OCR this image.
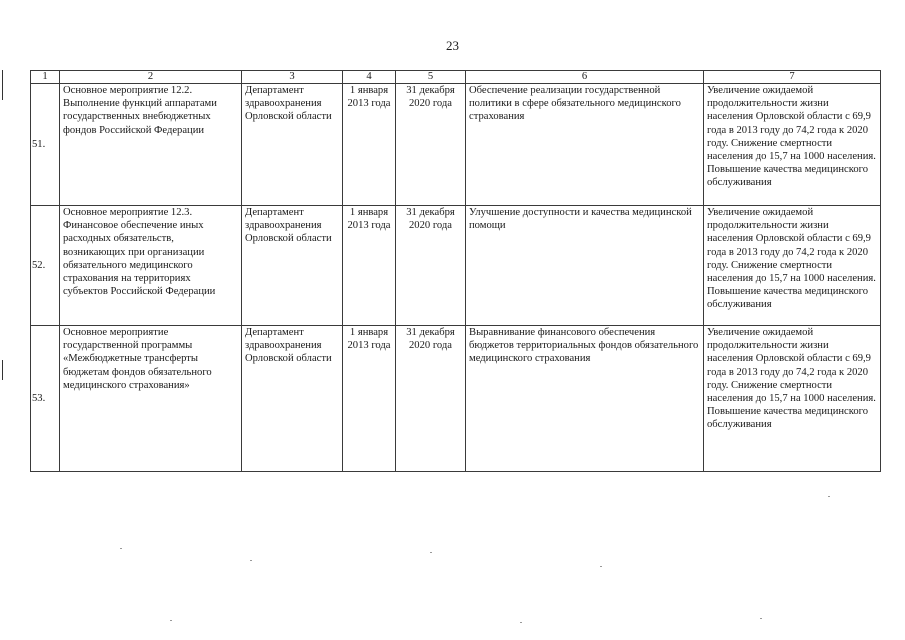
23
1	2	3	4	5	6	7
51.	Основное мероприятие 12.2. Выполнение функций аппаратами государственных внебюджетных фондов Российской Федерации	Департамент здравоохранения Орловской области	1 января 2013 года	31 декабря 2020 года	Обеспечение реализации государственной политики в сфере обязательного медицинского страхования	Увеличение ожидаемой продолжительности жизни населения Орловской области с 69,9 года в 2013 году до 74,2 года к 2020 году. Снижение смертности населения до 15,7 на 1000 населения. Повышение качества медицинского обслуживания
52.	Основное мероприятие 12.3. Финансовое обеспечение иных расходных обязательств, возникающих при организации обязательного медицинского страхования на территориях субъектов Российской Федерации	Департамент здравоохранения Орловской области	1 января 2013 года	31 декабря 2020 года	Улучшение доступности и качества медицинской помощи	Увеличение ожидаемой продолжительности жизни населения Орловской области с 69,9 года в 2013 году до 74,2 года к 2020 году. Снижение смертности населения до 15,7 на 1000 населения. Повышение качества медицинского обслуживания
53.	Основное мероприятие государственной программы «Межбюджетные трансферты бюджетам фондов обязательного медицинского страхования»	Департамент здравоохранения Орловской области	1 января 2013 года	31 декабря 2020 года	Выравнивание финансового обеспечения бюджетов территориальных фондов обязательного медицинского страхования	Увеличение ожидаемой продолжительности жизни населения Орловской области с 69,9 года в 2013 году до 74,2 года к 2020 году. Снижение смертности населения до 15,7 на 1000 населения. Повышение качества медицинского обслуживания
